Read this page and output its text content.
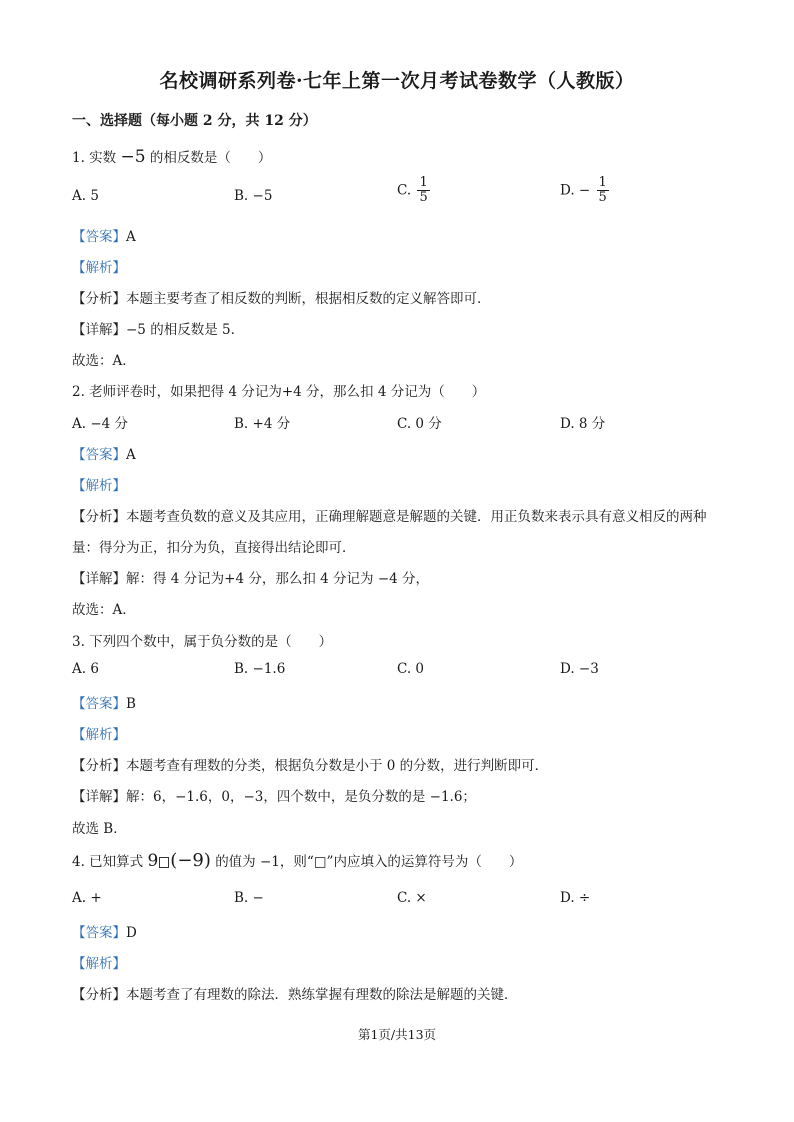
名校调研系列卷·七年上第一次月考试卷数学（人教版）
一、选择题（每小题 2 分，共 12 分）
1. 实数 −5 的相反数是（　　）
A. 5	B. −5	C. $\frac{1}{5}$	D. − $\frac{1}{5}$
【答案】A
【解析】
【分析】本题主要考查了相反数的判断，根据相反数的定义解答即可．
【详解】−5 的相反数是 5．
故选：A．
2. 老师评卷时，如果把得 4 分记为+4 分，那么扣 4 分记为（　　）
A. −4 分	B. +4 分	C. 0 分	D. 8 分
【答案】A
【解析】
【分析】本题考查负数的意义及其应用，正确理解题意是解题的关键．用正负数来表示具有意义相反的两种
量：得分为正，扣分为负，直接得出结论即可．
【详解】解：得 4 分记为+4 分，那么扣 4 分记为 −4 分，
故选：A．
3. 下列四个数中，属于负分数的是（　　）
A. 6	B. −1.6	C. 0	D. −3
【答案】B
【解析】
【分析】本题考查有理数的分类，根据负分数是小于 0 的分数，进行判断即可．
【详解】解：6，−1.6，0，−3，四个数中，是负分数的是 −1.6；
故选 B．
4. 已知算式 9 (−9) 的值为 −1，则“□”内应填入的运算符号为（　　）
A. +	B. −	C. ×	D. ÷
【答案】D
【解析】
【分析】本题考查了有理数的除法．熟练掌握有理数的除法是解题的关键．
第1页/共13页
